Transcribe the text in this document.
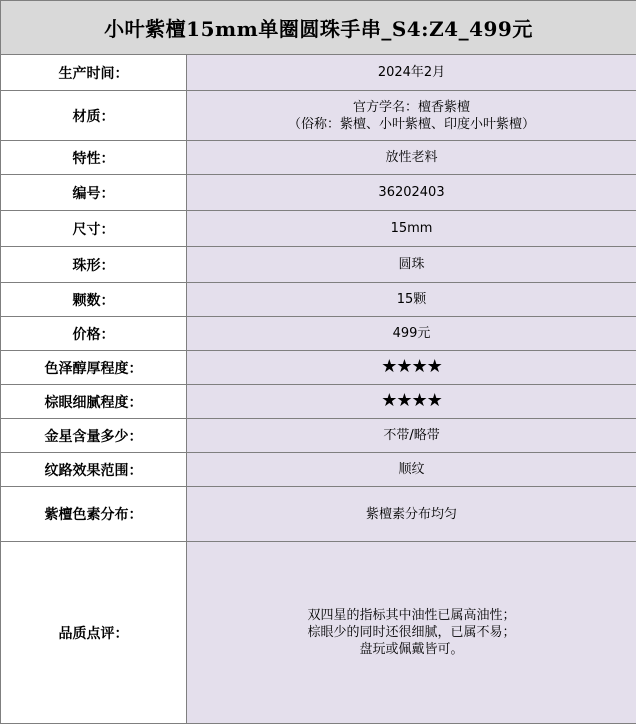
小叶紫檀15mm单圈圆珠手串_S4:Z4_499元	
生产时间：	2024年2月
材质：	官方学名：檀香紫檀
（俗称：紫檀、小叶紫檀、印度小叶紫檀）

特性：	放性老料
编号：	36202403
尺寸：	15mm
珠形：	圆珠
颗数：	15颗
价格：	499元
色泽醇厚程度：	★★★★
棕眼细腻程度：	★★★★
金星含量多少：	不带/略带
纹路效果范围：	顺纹
紫檀色素分布：	紫檀素分布均匀
品质点评：	双四星的指标其中油性已属高油性；
棕眼少的同时还很细腻，已属不易；
盘玩或佩戴皆可。
